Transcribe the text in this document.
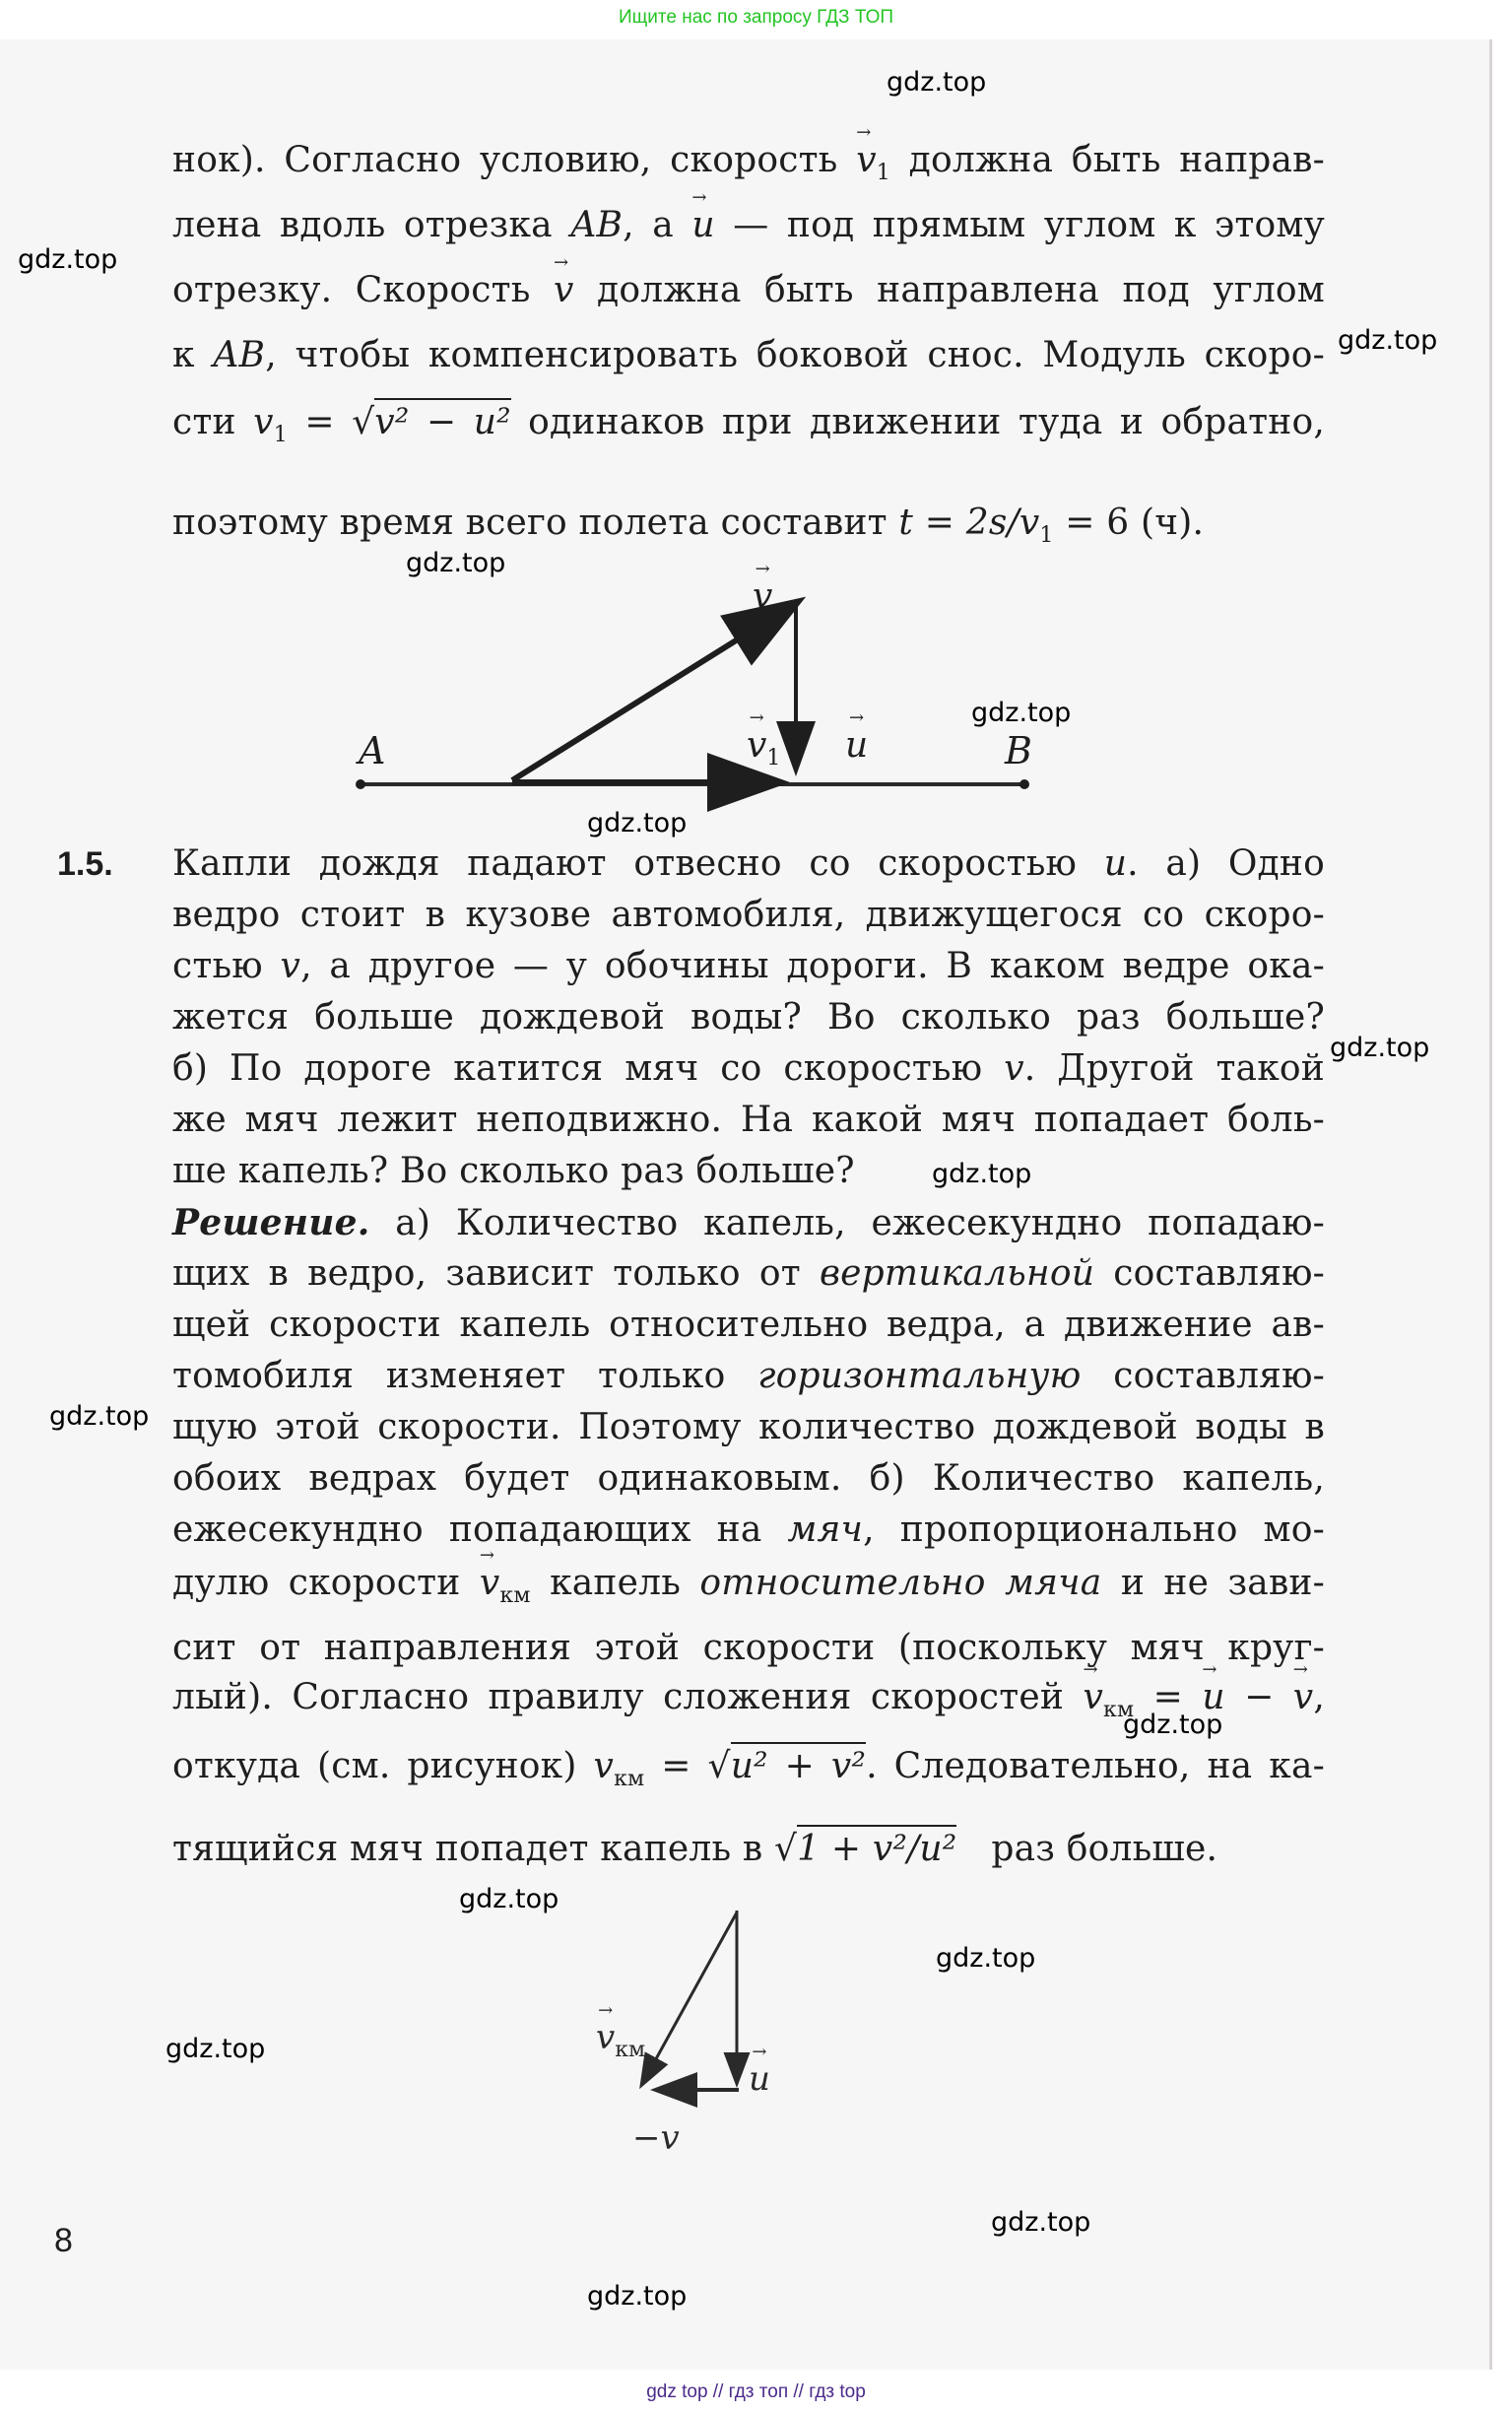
Ищите нас по запросу ГДЗ ТОП
нок). Согласно условию, скорость → $v_1$ должна быть направ-
лена вдоль отрезка AB, а → u — под прямым углом к этому
отрезку. Скорость → v должна быть направлена под углом
к AB, чтобы компенсировать боковой снос. Модуль скоро-
сти $v_1 = √v^2 - u^2$ одинаков при движении туда и обратно,
поэтому время всего полета составит $t = 2s/v_1 = 6$ (ч).
A	B
→ v
→ $v_1 \to u$
1.5. Капли дождя падают отвесно со скоростью u. а) Одно
ведро стоит в кузове автомобиля, движущегося со скоро-
стью v, а другое — у обочины дороги. В каком ведре ока-
жется больше дождевой воды? Во сколько раз больше?
б) По дороге катится мяч со скоростью v. Другой такой
же мяч лежит неподвижно. На какой мяч попадает боль-
ше капель? Во сколько раз больше?
Решение. а) Количество капель, ежесекундно попадаю-
щих в ведро, зависит только от вертикальной составляю-
щей скорости капель относительно ведра, а движение ав-
томобиля изменяет только горизонтальную составляю-
щую этой скорости. Поэтому количество дождевой воды в
обоих ведрах будет одинаковым. б) Количество капель,
ежесекундно попадающих на мяч, пропорционально мо-
дулю скорости → $v_{км}$ капель относительно мяча и не зави-
сит от направления этой скорости (поскольку мяч круг-
лый). Согласно правилу сложения скоростей → $v_{км}$ = → u − → v,
откуда (см. рисунок) $v_{км} = √u^2 + v^2$. Следовательно, на ка-
тящийся мяч попадет капель в √1 + v²/u² раз больше.
→ $v_{км}$
→ u
−v
8
gdz.top
gdz.top
gdz.top
gdz.top
gdz.top
gdz.top
gdz.top
gdz.top
gdz.top
gdz.top
gdz.top
gdz.top
gdz.top
gdz.top
gdz.top
gdz top // гдз топ // гдз top
